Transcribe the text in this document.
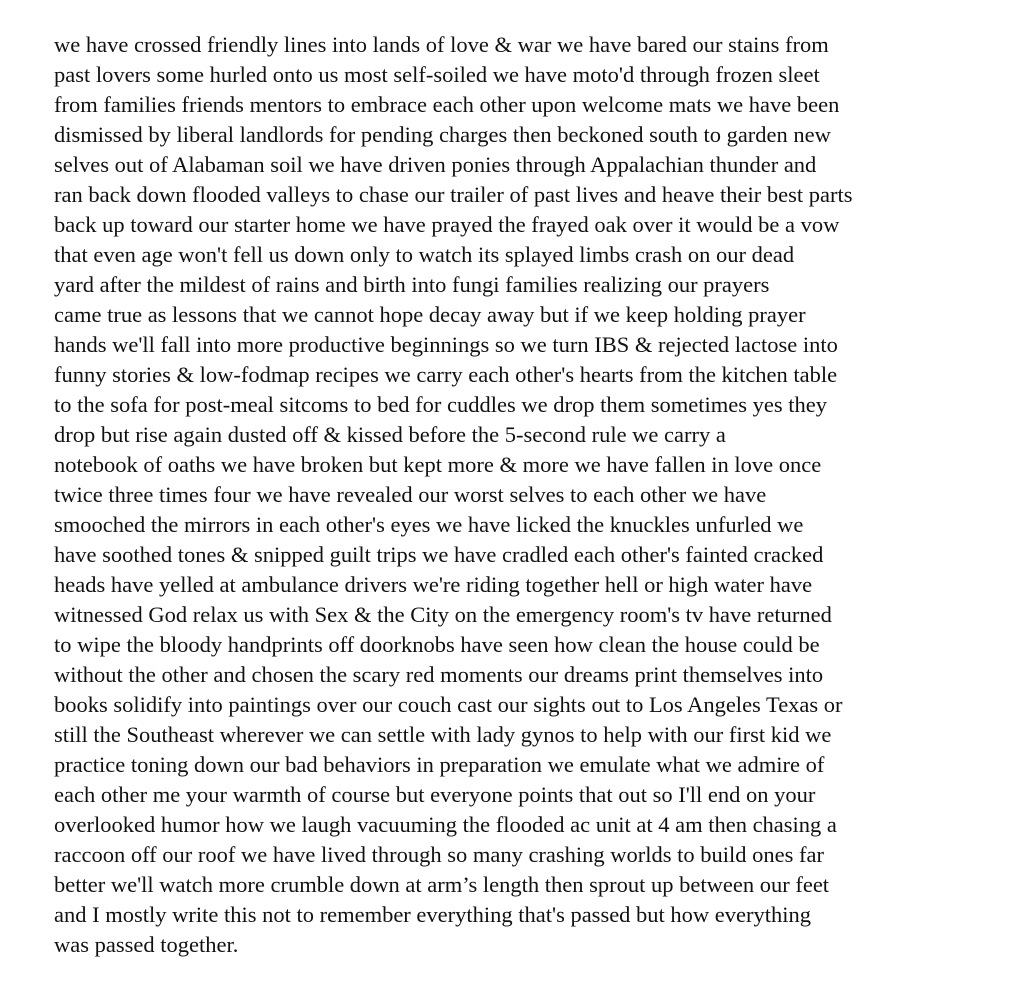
we have crossed friendly lines into lands of love & war we have bared our stains from
past lovers some hurled onto us most self-soiled we have moto'd through frozen sleet
from families friends mentors to embrace each other upon welcome mats we have been
dismissed by liberal landlords for pending charges then beckoned south to garden new
selves out of Alabaman soil we have driven ponies through Appalachian thunder and
ran back down flooded valleys to chase our trailer of past lives and heave their best parts
back up toward our starter home we have prayed the frayed oak over it would be a vow
that even age won't fell us down only to watch its splayed limbs crash on our dead
yard after the mildest of rains and birth into fungi families realizing our prayers
came true as lessons that we cannot hope decay away but if we keep holding prayer
hands we'll fall into more productive beginnings so we turn IBS & rejected lactose into
funny stories & low-fodmap recipes we carry each other's hearts from the kitchen table
to the sofa for post-meal sitcoms to bed for cuddles we drop them sometimes yes they
drop but rise again dusted off & kissed before the 5-second rule we carry a
notebook of oaths we have broken but kept more & more we have fallen in love once
twice three times four we have revealed our worst selves to each other we have
smooched the mirrors in each other's eyes we have licked the knuckles unfurled we
have soothed tones & snipped guilt trips we have cradled each other's fainted cracked
heads have yelled at ambulance drivers we're riding together hell or high water have
witnessed God relax us with Sex & the City on the emergency room's tv have returned
to wipe the bloody handprints off doorknobs have seen how clean the house could be
without the other and chosen the scary red moments our dreams print themselves into
books solidify into paintings over our couch cast our sights out to Los Angeles Texas or
still the Southeast wherever we can settle with lady gynos to help with our first kid we
practice toning down our bad behaviors in preparation we emulate what we admire of
each other me your warmth of course but everyone points that out so I'll end on your
overlooked humor how we laugh vacuuming the flooded ac unit at 4 am then chasing a
raccoon off our roof we have lived through so many crashing worlds to build ones far
better we'll watch more crumble down at arm’s length then sprout up between our feet
and I mostly write this not to remember everything that's passed but how everything
was passed together.
